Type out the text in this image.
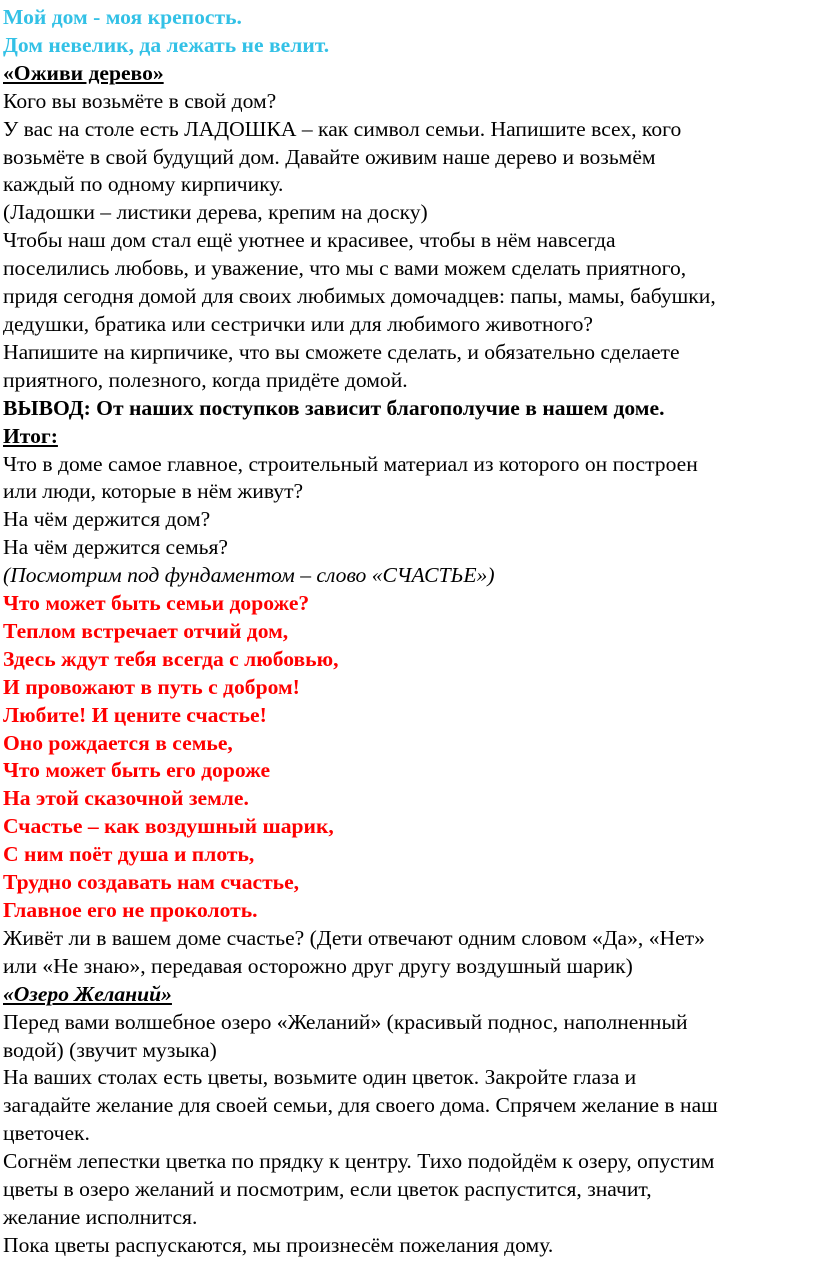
Мой дом - моя крепость.

Дом невелик, да лежать не велит.

«Оживи дерево»

Кого вы возьмёте в свой дом?

У вас на столе есть ЛАДОШКА – как символ семьи. Напишите всех, кого

возьмёте в свой будущий дом. Давайте оживим наше дерево и возьмём

каждый по одному кирпичику.

(Ладошки – листики дерева, крепим на доску)

Чтобы наш дом стал ещё уютнее и красивее, чтобы в нём навсегда

поселились любовь, и уважение, что мы с вами можем сделать приятного,

придя сегодня домой для своих любимых домочадцев: папы, мамы, бабушки,

дедушки, братика или сестрички или для любимого животного?

Напишите на кирпичике, что вы сможете сделать, и обязательно сделаете

приятного, полезного, когда придёте домой.

ВЫВОД: От наших поступков зависит благополучие в нашем доме.

Итог:

Что в доме самое главное, строительный материал из которого он построен

или люди, которые в нём живут?

На чём держится дом?

На чём держится семья?

(Посмотрим под фундаментом – слово «СЧАСТЬЕ»)

Что может быть семьи дороже?

Теплом встречает отчий дом,

Здесь ждут тебя всегда с любовью,

И провожают в путь с добром!

Любите! И цените счастье!

Оно рождается в семье,

Что может быть его дороже

На этой сказочной земле.

Счастье – как воздушный шарик,

С ним поёт душа и плоть,

Трудно создавать нам счастье,

Главное его не проколоть.

Живёт ли в вашем доме счастье? (Дети отвечают одним словом «Да», «Нет»

или «Не знаю», передавая осторожно друг другу воздушный шарик)

«Озеро Желаний»

Перед вами волшебное озеро «Желаний» (красивый поднос, наполненный

водой) (звучит музыка)

На ваших столах есть цветы, возьмите один цветок. Закройте глаза и

загадайте желание для своей семьи, для своего дома. Спрячем желание в наш

цветочек.

Согнём лепестки цветка по прядку к центру. Тихо подойдём к озеру, опустим

цветы в озеро желаний и посмотрим, если цветок распустится, значит,

желание исполнится.

Пока цветы распускаются, мы произнесём пожелания дому.
